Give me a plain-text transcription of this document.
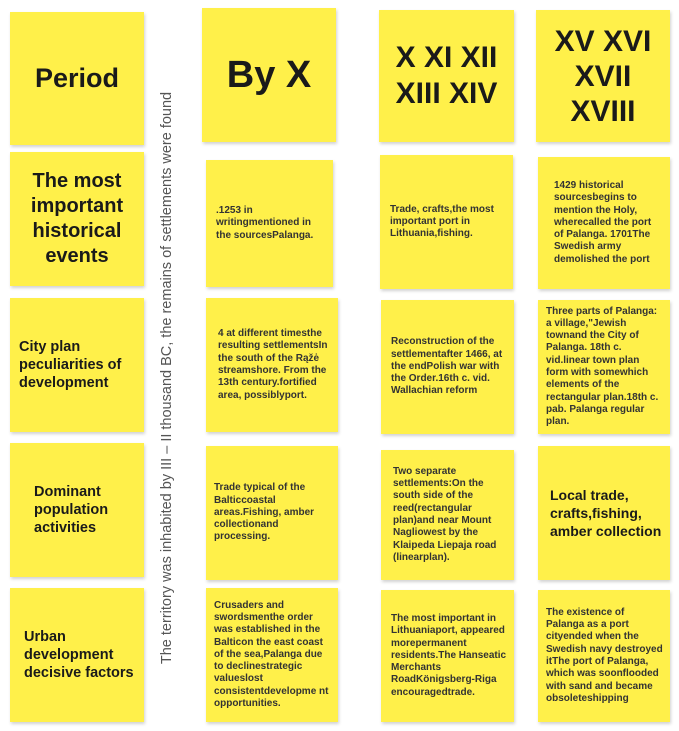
The territory was inhabited by III – II thousand BC, the remains of settlements were found
Period	By X	X XI XII XIII XIV
XV XVI XVII XVIII
The most important historical events
.1253 in writingmentioned in the sourcesPalanga.
Trade, crafts,the most important port in Lithuania,fishing.
1429 historical sourcesbegins to mention the Holy, wherecalled the port of Palanga. 1701The Swedish army demolished the port
City plan peculiarities of development
4 at different timesthe resulting settlementsIn the south of the Rąžė streamshore. From the 13th century.fortified area, possiblyport.
Reconstruction of the settlementafter 1466, at the endPolish war with the Order.16th c. vid. Wallachian reform
Three parts of Palanga: a village,"Jewish townand the City of Palanga. 18th c. vid.linear town plan form with somewhich elements of the rectangular plan.18th c. pab. Palanga regular plan.
Dominant population activities
Trade typical of the Balticcoastal areas.Fishing, amber collectionand processing.
Two separate settlements:On the south side of the reed(rectangular plan)and near Mount Nagliowest by the Klaipeda Liepaja road (linearplan).
Local trade, crafts,fishing, amber collection
Urban development decisive factors
Crusaders and swordsmenthe order was established in the Balticon the east coast of the sea,Palanga due to declinestrategic valueslost consistentdevelopme nt opportunities.
The most important in Lithuaniaport, appeared morepermanent residents.The Hanseatic Merchants RoadKönigsberg-Riga encouragedtrade.
The existence of Palanga as a port cityended when the Swedish navy destroyed itThe port of Palanga, which was soonflooded with sand and became obsoleteshipping
